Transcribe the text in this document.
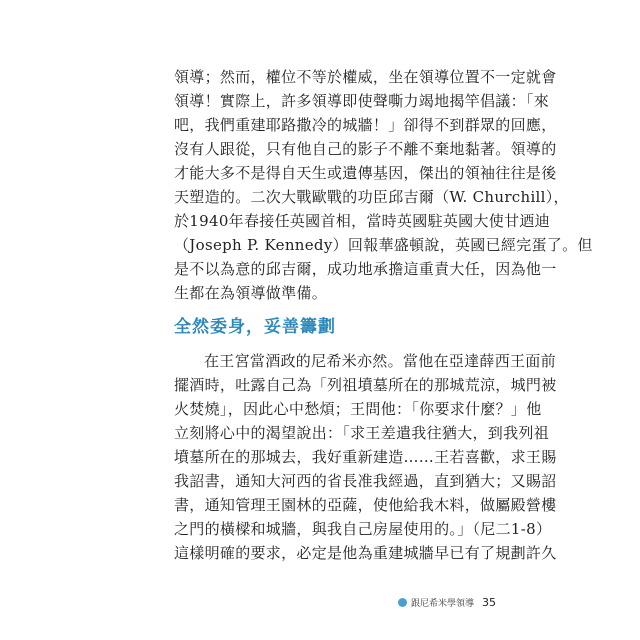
領導；然而，權位不等於權威，坐在領導位置不一定就會
領導！實際上，許多領導即使聲嘶力竭地揭竿倡議：「來
吧，我們重建耶路撒冷的城牆！」卻得不到群眾的回應，
沒有人跟從，只有他自己的影子不離不棄地黏著。領導的
才能大多不是得自天生或遺傳基因，傑出的領袖往往是後
天塑造的。二次大戰歐戰的功臣邱吉爾（W. Churchill），
於1940年春接任英國首相，當時英國駐英國大使甘迺迪
（Joseph P. Kennedy）回報華盛頓說，英國已經完蛋了。但
是不以為意的邱吉爾，成功地承擔這重責大任，因為他一
生都在為領導做準備。
全然委身，妥善籌劃
在王宮當酒政的尼希米亦然。當他在亞達薛西王面前
擺酒時，吐露自己為「列祖墳墓所在的那城荒涼，城門被
火焚燒」，因此心中愁煩；王問他：「你要求什麼？」他
立刻將心中的渴望說出：「求王差遣我往猶大，到我列祖
墳墓所在的那城去，我好重新建造……王若喜歡，求王賜
我詔書，通知大河西的省長准我經過，直到猶大；又賜詔
書，通知管理王園林的亞薩，使他給我木料，做屬殿營樓
之門的橫樑和城牆，與我自己房屋使用的。」（尼二1-8）
這樣明確的要求，必定是他為重建城牆早已有了規劃許久
跟尼希米學領導 35
